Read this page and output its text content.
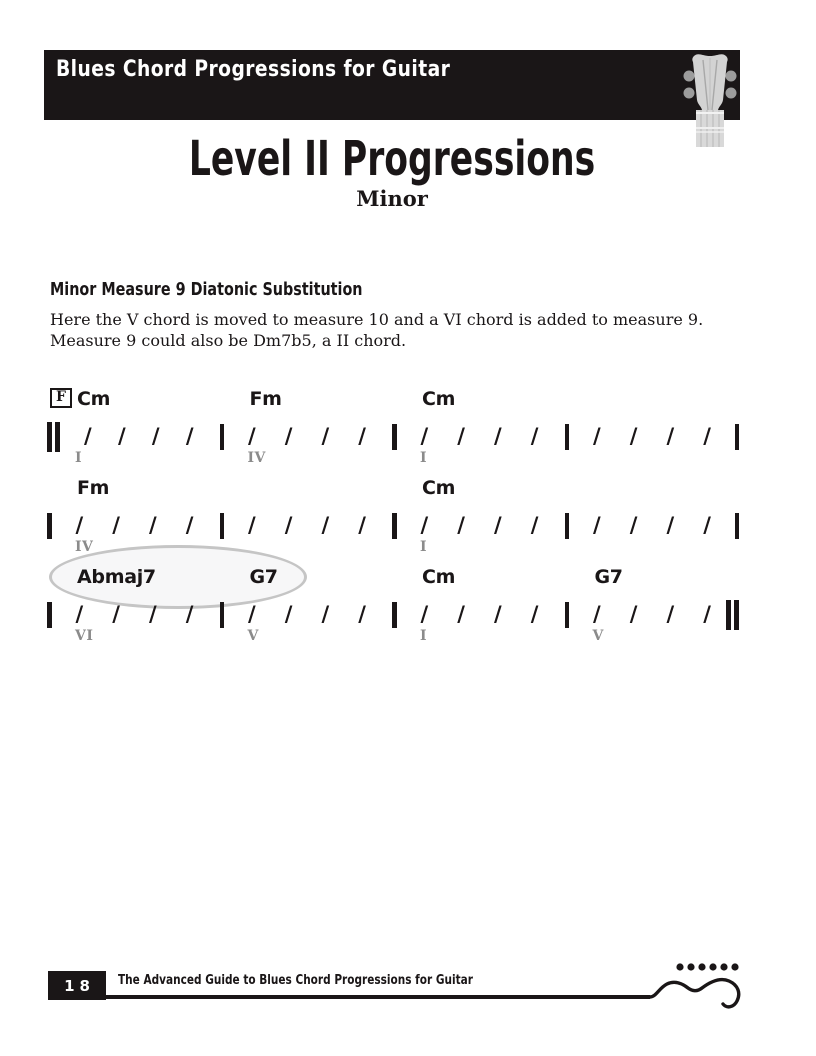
Blues Chord Progressions for Guitar
Level II Progressions
Minor
Minor Measure 9 Diatonic Substitution

Here the V chord is moved to measure 10 and a VI chord is added to measure 9. Measure 9 could also be Dm7b5, a II chord.

F Cm	Fm	Cm
/ / / /	/ / / /	/ / / /	/ / / /
I	IV	I
Fm	Cm
/ / / /	/ / / /	/ / / /	/ / / /
IV	I
Abmaj7	G7	Cm	G7
/ / / /	/ / / /	/ / / /	/ / / /
VI	V	I	V
18 The Advanced Guide to Blues Chord Progressions for Guitar
